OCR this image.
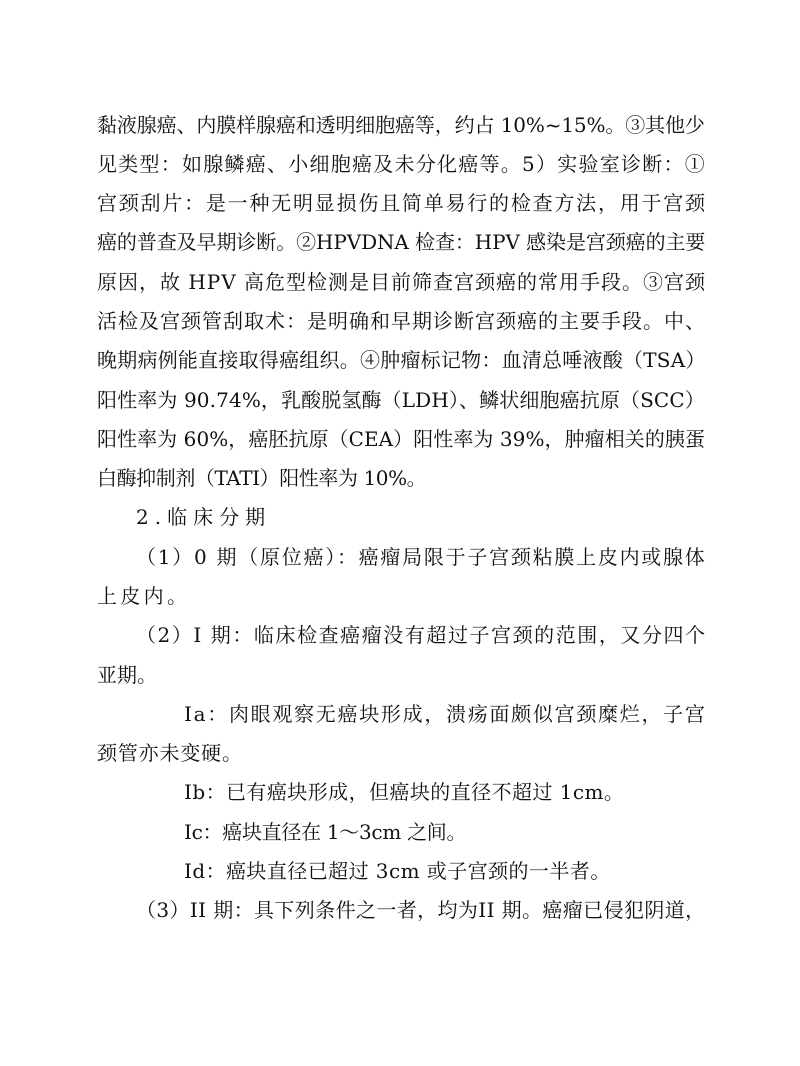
黏液腺癌、内膜样腺癌和透明细胞癌等，约占 10%~15%。③其他少
见类型：如腺鳞癌、小细胞癌及未分化癌等。5）实验室诊断：①
宫颈刮片：是一种无明显损伤且简单易行的检查方法，用于宫颈
癌的普查及早期诊断。②HPVDNA 检查：HPV 感染是宫颈癌的主要
原因，故 HPV 高危型检测是目前筛查宫颈癌的常用手段。③宫颈
活检及宫颈管刮取术：是明确和早期诊断宫颈癌的主要手段。中、
晚期病例能直接取得癌组织。④肿瘤标记物：血清总唾液酸（TSA）
阳性率为 90.74%，乳酸脱氢酶（LDH）、鳞状细胞癌抗原（SCC）
阳性率为 60%，癌胚抗原（CEA）阳性率为 39%，肿瘤相关的胰蛋
白酶抑制剂（TATI）阳性率为 10%。
2.临床分期
（1）0 期（原位癌）：癌瘤局限于子宫颈粘膜上皮内或腺体
上皮内。
（2）I 期：临床检查癌瘤没有超过子宫颈的范围，又分四个
亚期。
Ia：肉眼观察无癌块形成，溃疡面颇似宫颈糜烂，子宫
颈管亦未变硬。
Ib：已有癌块形成，但癌块的直径不超过 1cm。
Ic：癌块直径在 1～3cm 之间。
Id：癌块直径已超过 3cm 或子宫颈的一半者。
（3）II 期：具下列条件之一者，均为II 期。癌瘤已侵犯阴道，
